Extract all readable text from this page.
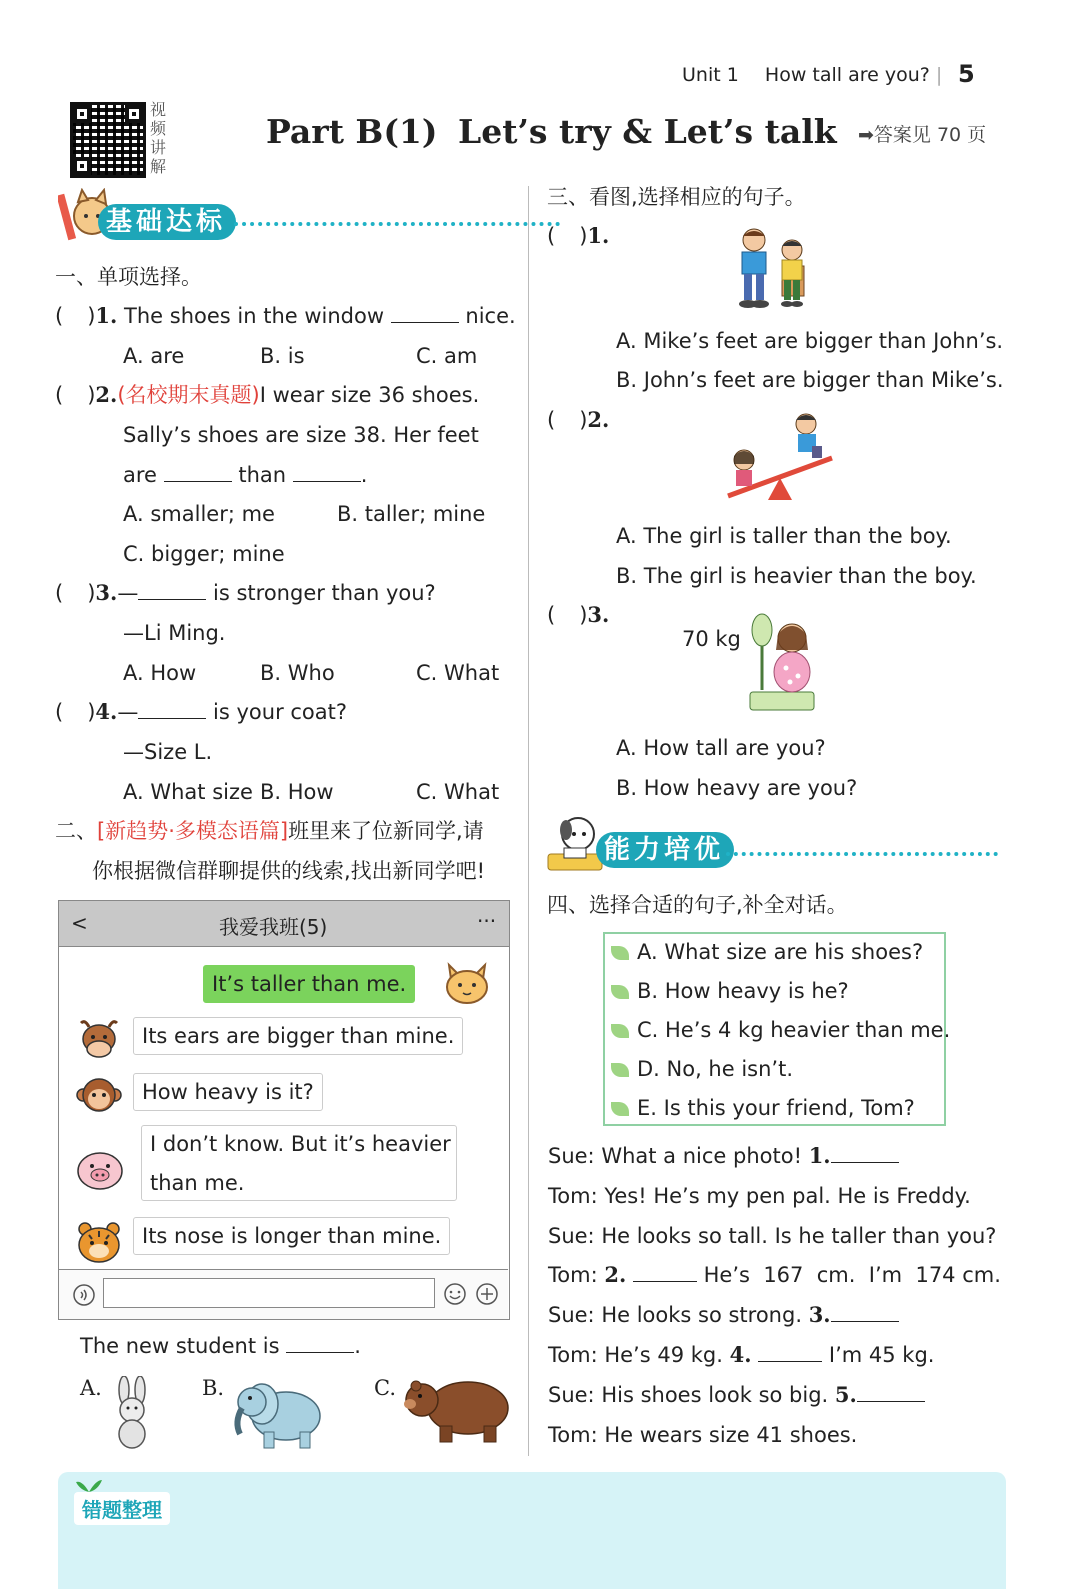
Unit 1 How tall are you? | 5
视
频
讲
解
Part B(1) Let’s try & Let’s talk ➡答案见 70 页
基础达标
一、单项选择。
( )1. The shoes in the window	nice.
A. are	B. is	C. am
( )2.(名校期末真题)I wear size 36 shoes.
Sally’s shoes are size 38. Her feet
are	than	.
A. smaller; me	B. taller; mine
C. bigger; mine
( )3.—	is stronger than you?
—Li Ming.
A. How	B. Who	C. What
( )4.—	is your coat?
—Size L.
A. What size B. How	C. What
二、[新趋势·多模态语篇]班里来了位新同学,请
你根据微信群聊提供的线索,找出新同学吧!
<	我爱我班(5)	···
It’s taller than me.
Its ears are bigger than mine.
How heavy is it?
I don’t know. But it’s heavier
than me.
Its nose is longer than mine.
The new student is	.
A.	B.	C.
三、看图,选择相应的句子。
( )1.
A. Mike’s feet are bigger than John’s.
B. John’s feet are bigger than Mike’s.
( )2.
A. The girl is taller than the boy.
B. The girl is heavier than the boy.
( )3.
70 kg
A. How tall are you?
B. How heavy are you?
能力培优
四、选择合适的句子,补全对话。
A. What size are his shoes?
B. How heavy is he?
C. He’s 4 kg heavier than me.
D. No, he isn’t.
E. Is this your friend, Tom?
Sue: What a nice photo! 1.
Tom: Yes! He’s my pen pal. He is Freddy.
Sue: He looks so tall. Is he taller than you?
Tom: 2.	He’s  167  cm.  I’m  174 cm.
Sue: He looks so strong. 3.
Tom: He’s 49 kg. 4.	I’m 45 kg.
Sue: His shoes look so big. 5.
Tom: He wears size 41 shoes.
错题整理
